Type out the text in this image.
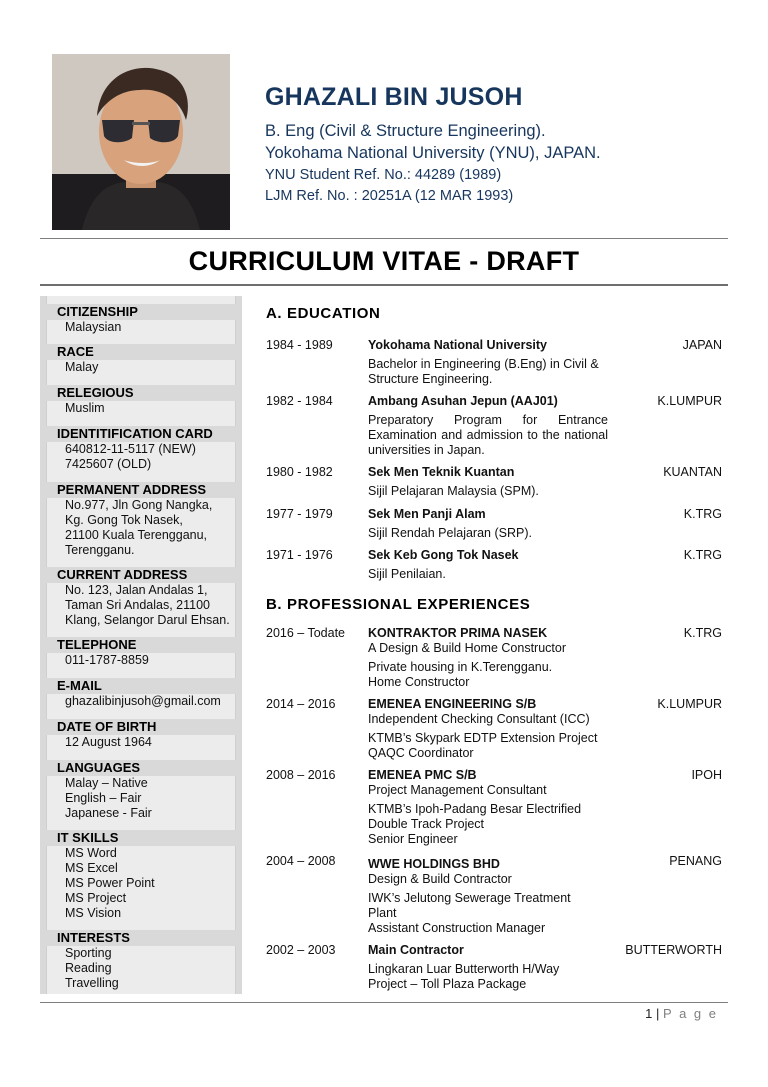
GHAZALI BIN JUSOH
B. Eng (Civil & Structure Engineering).
Yokohama National University (YNU), JAPAN.
YNU Student Ref. No.: 44289 (1989)
LJM Ref. No. : 20251A (12 MAR 1993)
CURRICULUM VITAE - DRAFT
CITIZENSHIP
Malaysian
RACE
Malay
RELEGIOUS
Muslim
IDENTITIFICATION CARD
640812-11-5117 (NEW)
7425607 (OLD)
PERMANENT ADDRESS
No.977, Jln Gong Nangka,
Kg. Gong Tok Nasek,
21100 Kuala Terengganu,
Terengganu.
CURRENT ADDRESS
No. 123, Jalan Andalas 1,
Taman Sri Andalas, 21100
Klang, Selangor Darul Ehsan.
TELEPHONE
011-1787-8859
E-MAIL
ghazalibinjusoh@gmail.com
DATE OF BIRTH
12 August 1964
LANGUAGES
Malay – Native
English – Fair
Japanese - Fair
IT SKILLS
MS Word
MS Excel
MS Power Point
MS Project
MS Vision
INTERESTS
Sporting
Reading
Travelling
A. EDUCATION
1984 - 1989	Yokohama National University
Bachelor in Engineering (B.Eng) in Civil & Structure Engineering.
JAPAN
1982 - 1984	Ambang Asuhan Jepun (AAJ01)
Preparatory Program for Entrance Examination and admission to the national universities in Japan.
K.LUMPUR
1980 - 1982	Sek Men Teknik Kuantan
Sijil Pelajaran Malaysia (SPM).
KUANTAN
1977 - 1979	Sek Men Panji Alam
Sijil Rendah Pelajaran (SRP).
K.TRG
1971 - 1976	Sek Keb Gong Tok Nasek
Sijil Penilaian.
K.TRG
B. PROFESSIONAL EXPERIENCES
2016 – Todate	KONTRAKTOR PRIMA NASEK
A Design & Build Home Constructor
Private housing in K.Terengganu.
Home Constructor
K.TRG
2014 – 2016	EMENEA ENGINEERING S/B
Independent Checking Consultant (ICC)
KTMB’s Skypark EDTP Extension Project
QAQC Coordinator
K.LUMPUR
2008 – 2016	EMENEA PMC S/B
Project Management Consultant
KTMB’s Ipoh-Padang Besar Electrified Double Track Project
Senior Engineer
IPOH
2004 – 2008	WWE HOLDINGS BHD
Design & Build Contractor
IWK’s Jelutong Sewerage Treatment Plant
Assistant Construction Manager
PENANG
2002 – 2003	Main Contractor
Lingkaran Luar Butterworth H/Way
Project – Toll Plaza Package
BUTTERWORTH
1 | P a g e
